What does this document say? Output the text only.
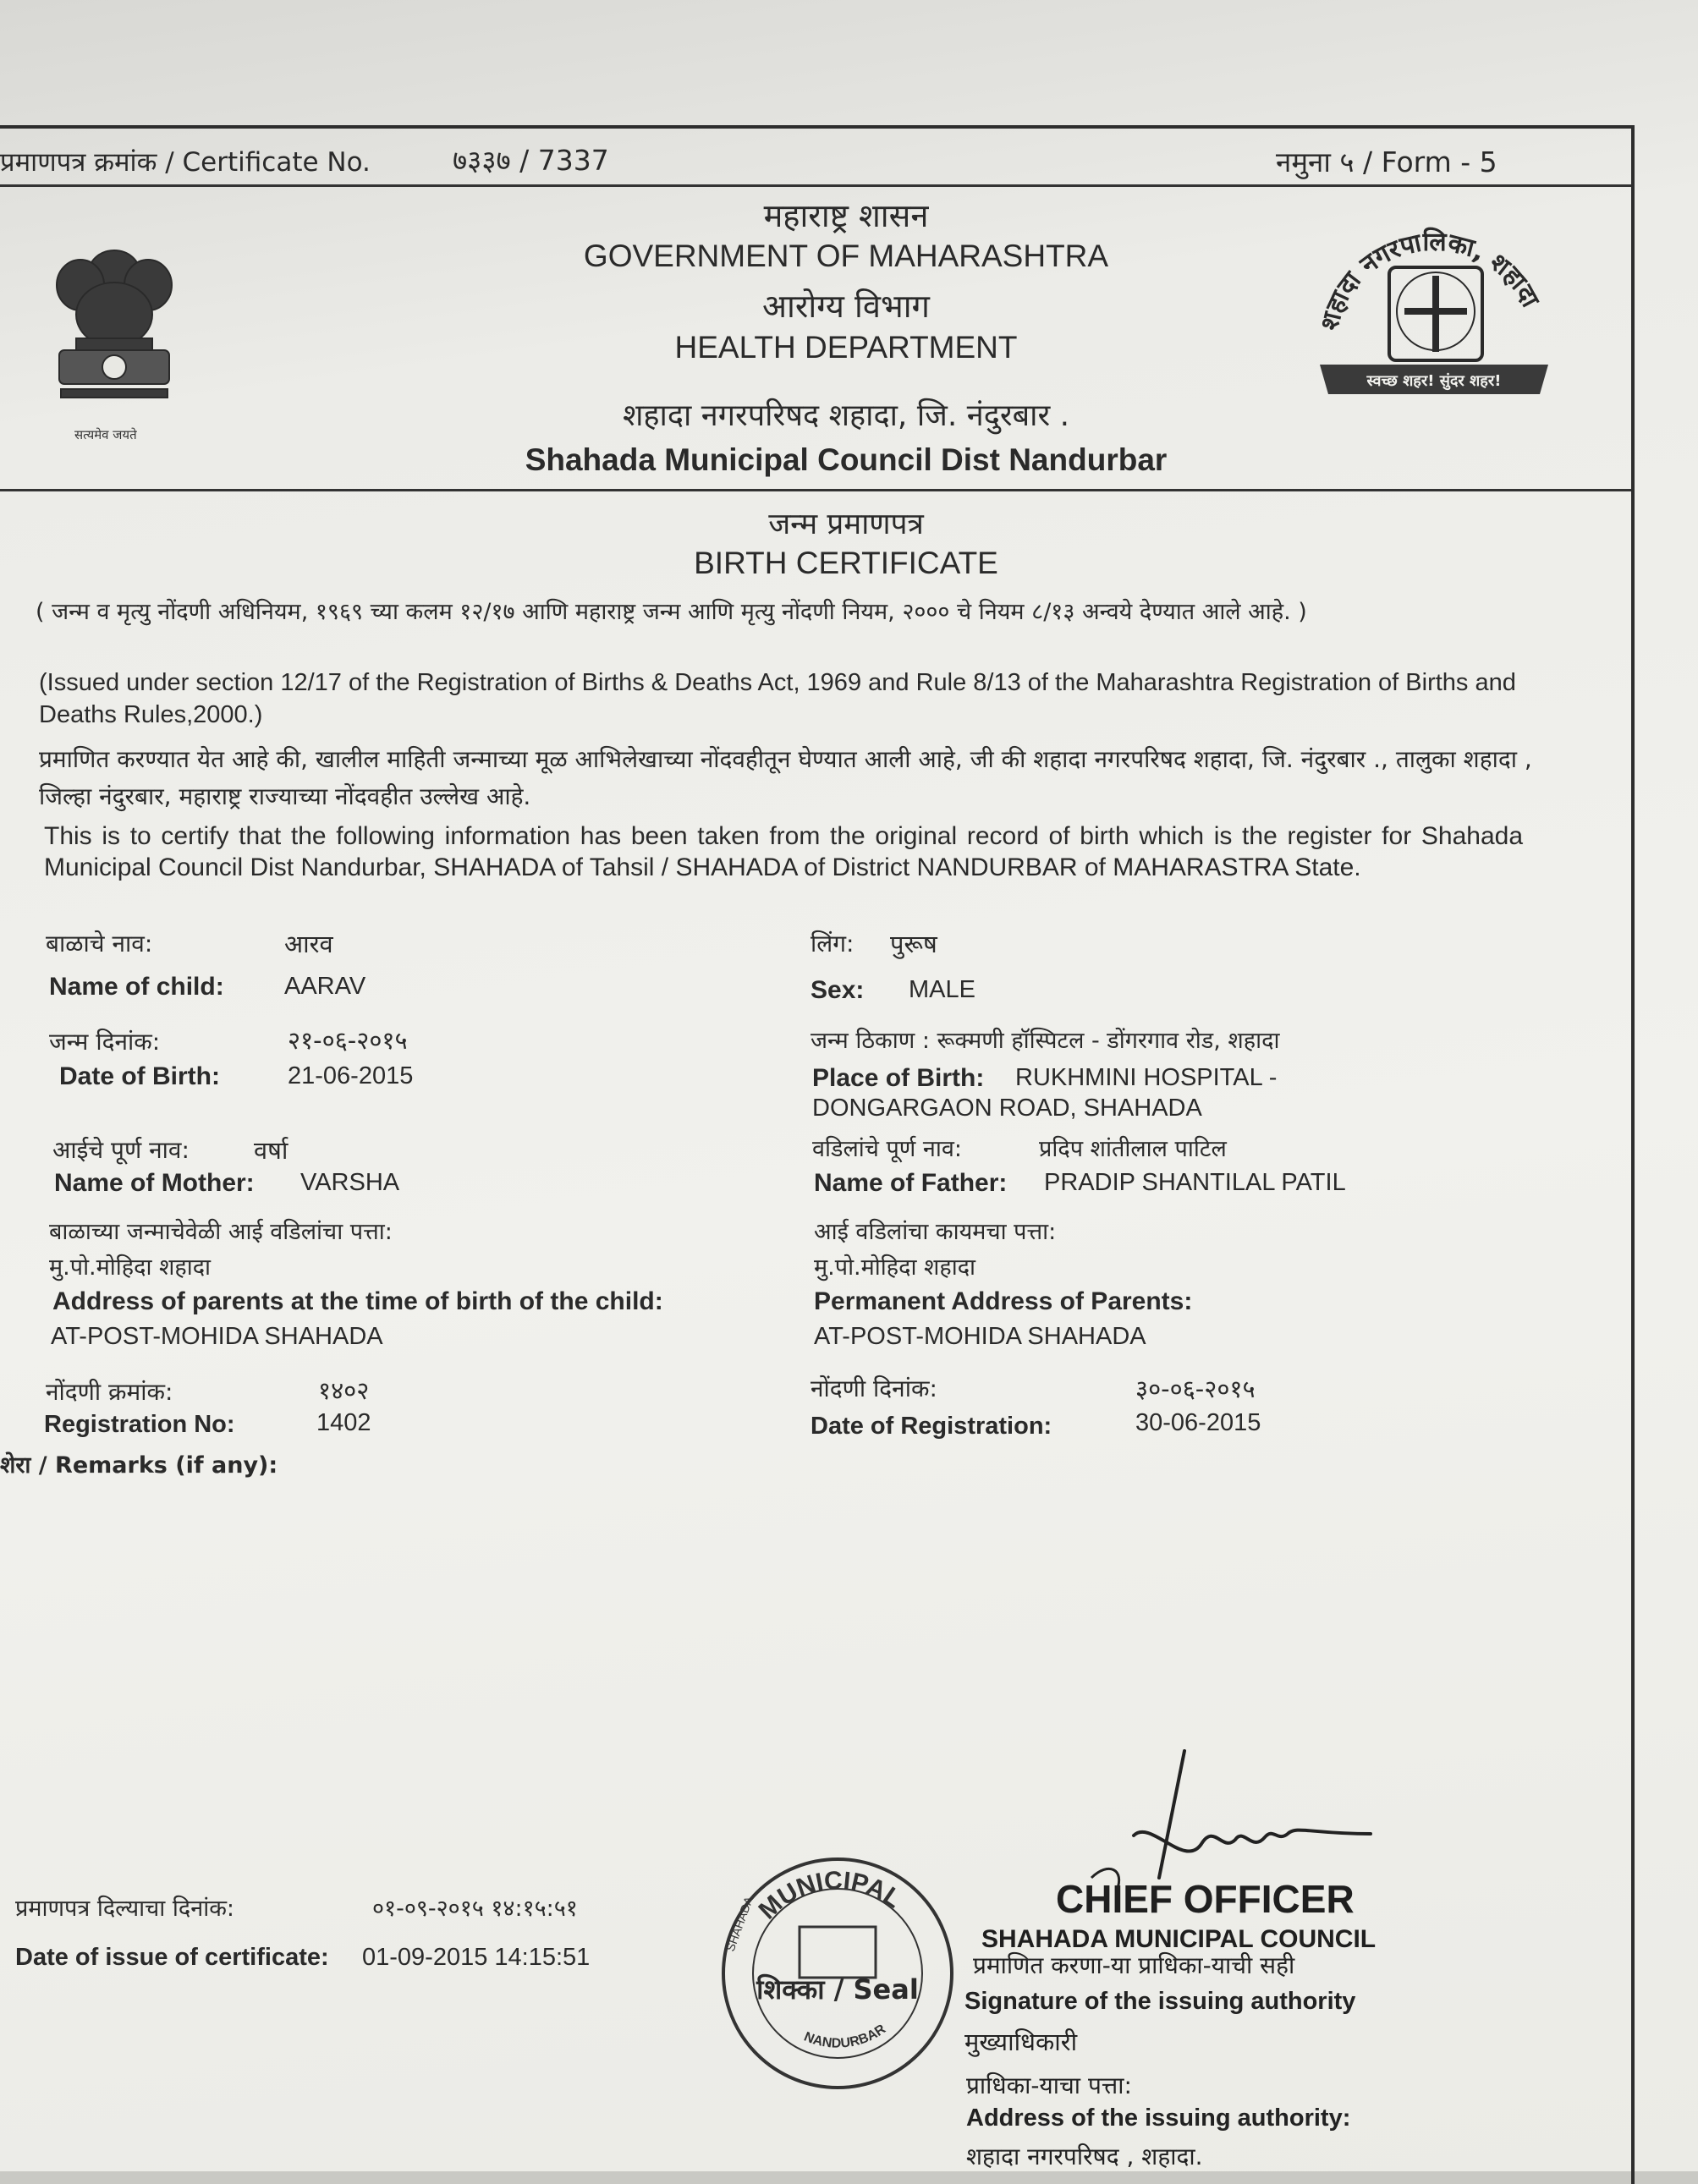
प्रमाणपत्र क्रमांक / Certificate No.	७३३७ / 7337	नमुना ५ / Form - 5
सत्यमेव जयते
महाराष्ट्र शासन
GOVERNMENT OF MAHARASHTRA
आरोग्य विभाग
HEALTH DEPARTMENT
शहादा नगरपरिषद शहादा, जि. नंदुरबार .
Shahada Municipal Council Dist Nandurbar
शहादा नगरपालिका, शहादा
स्वच्छ शहर! सुंदर शहर!
जन्म प्रमाणपत्र
BIRTH CERTIFICATE
( जन्म व मृत्यु नोंदणी अधिनियम, १९६९ च्या कलम १२/१७ आणि महाराष्ट्र जन्म आणि मृत्यु नोंदणी नियम, २००० चे नियम ८/१३ अन्वये देण्यात आले आहे. )
(Issued under section 12/17 of the Registration of Births & Deaths Act, 1969 and Rule 8/13 of the Maharashtra Registration of Births and Deaths Rules,2000.)
प्रमाणित करण्यात येत आहे की, खालील माहिती जन्माच्या मूळ आभिलेखाच्या नोंदवहीतून घेण्यात आली आहे, जी की शहादा नगरपरिषद शहादा, जि. नंदुरबार ., तालुका शहादा , जिल्हा नंदुरबार, महाराष्ट्र राज्याच्या नोंदवहीत उल्लेख आहे.
This is to certify that the following information has been taken from the original record of birth which is the register for Shahada Municipal Council Dist Nandurbar, SHAHADA of Tahsil / SHAHADA of District NANDURBAR of MAHARASTRA State.
बाळाचे नाव:	आरव
Name of child: AARAV
जन्म दिनांक:	२१-०६-२०१५
Date of Birth:	21-06-2015
आईचे पूर्ण नाव:	वर्षा
Name of Mother: VARSHA
बाळाच्या जन्माचेवेळी आई वडिलांचा पत्ता:
मु.पो.मोहिदा शहादा
Address of parents at the time of birth of the child:
AT-POST-MOHIDA SHAHADA
नोंदणी क्रमांक:	१४०२
Registration No:	1402
शेरा / Remarks (if any):
लिंग: पुरूष
Sex: MALE
जन्म ठिकाण : रूक्मणी हॉस्पिटल - डोंगरगाव रोड, शहादा
Place of Birth: RUKHMINI HOSPITAL -
DONGARGAON ROAD, SHAHADA
वडिलांचे पूर्ण नाव:	प्रदिप शांतीलाल पाटिल
Name of Father: PRADIP SHANTILAL PATIL
आई वडिलांचा कायमचा पत्ता:
मु.पो.मोहिदा शहादा
Permanent Address of Parents:
AT-POST-MOHIDA SHAHADA
नोंदणी दिनांक:	३०-०६-२०१५
Date of Registration:	30-06-2015
प्रमाणपत्र दिल्याचा दिनांक:	०१-०९-२०१५ १४:१५:५१
Date of issue of certificate: 01-09-2015 14:15:51
MUNICIPAL
NANDURBAR
SHAHADA
शिक्का / Seal
CHIEF OFFICER
SHAHADA MUNICIPAL COUNCIL
प्रमाणित करणा-या प्राधिका-याची सही
Signature of the issuing authority
मुख्याधिकारी
प्राधिका-याचा पत्ता:
Address of the issuing authority:
शहादा नगरपरिषद , शहादा.
